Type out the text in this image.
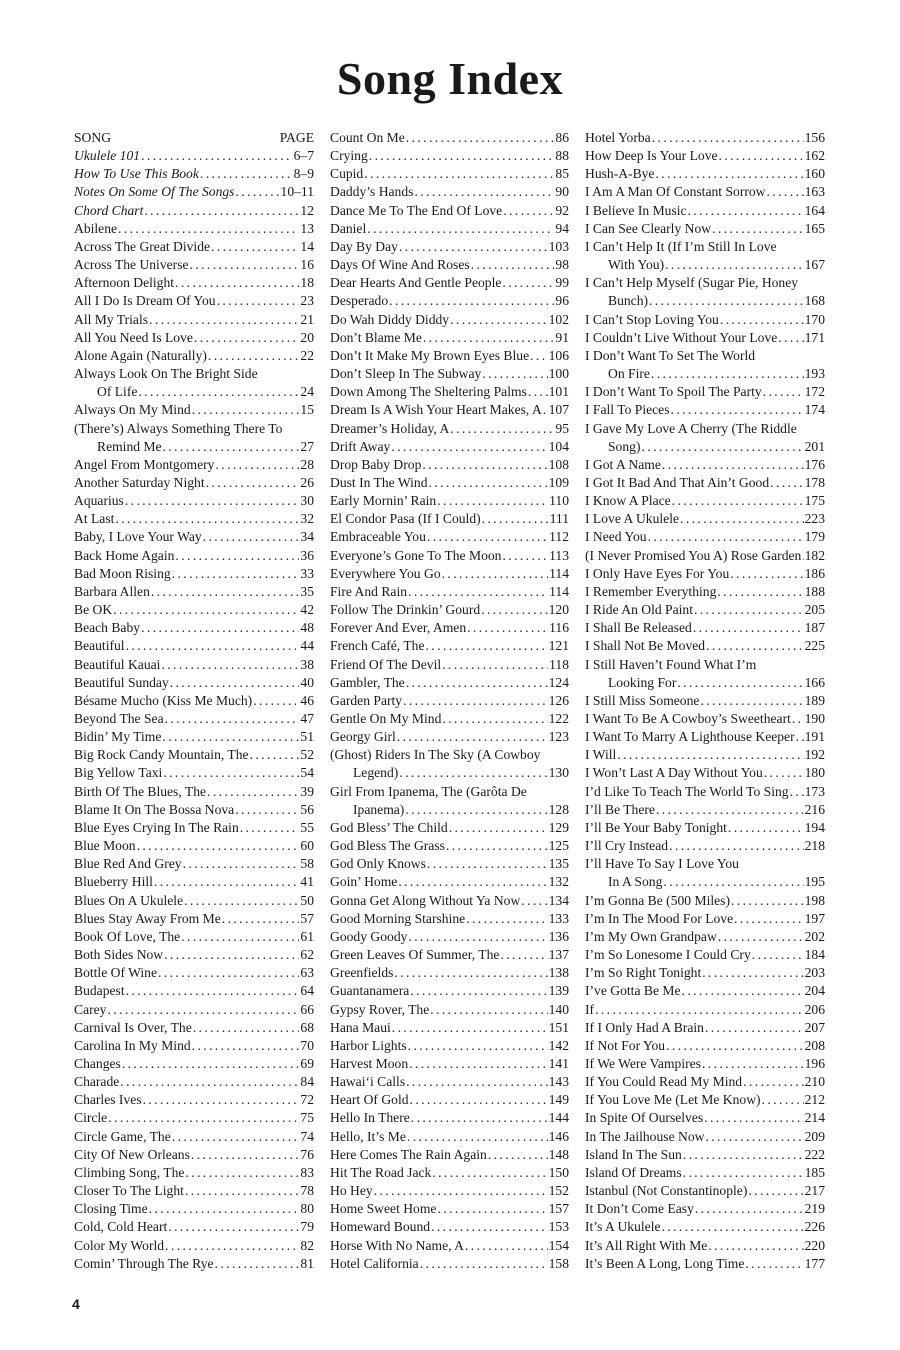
Song Index
SONG	PAGE
Ukulele 101 . . .	6–7
How To Use This Book . . .	8–9
Notes On Some Of The Songs . . .	10–11
Chord Chart . . .	12
Abilene . . .	13
Across The Great Divide . . .	14
Across The Universe . . .	16
Afternoon Delight . . .	18
All I Do Is Dream Of You . . .	23
All My Trials . . .	21
All You Need Is Love . . .	20
Alone Again (Naturally) . . .	22
Always Look On The Bright Side
Of Life . . .	24
Always On My Mind . . .	15
(There’s) Always Something There To
Remind Me . . .	27
Angel From Montgomery . . .	28
Another Saturday Night . . .	26
Aquarius . . .	30
At Last . . .	32
Baby, I Love Your Way . . .	34
Back Home Again . . .	36
Bad Moon Rising . . .	33
Barbara Allen . . .	35
Be OK . . .	42
Beach Baby . . .	48
Beautiful . . .	44
Beautiful Kauai . . .	38
Beautiful Sunday . . .	40
Bésame Mucho (Kiss Me Much) . . .	46
Beyond The Sea . . .	47
Bidin’ My Time . . .	51
Big Rock Candy Mountain, The . . .	52
Big Yellow Taxi . . .	54
Birth Of The Blues, The . . .	39
Blame It On The Bossa Nova . . .	56
Blue Eyes Crying In The Rain . . .	55
Blue Moon . . .	60
Blue Red And Grey . . .	58
Blueberry Hill . . .	41
Blues On A Ukulele . . .	50
Blues Stay Away From Me . . .	57
Book Of Love, The . . .	61
Both Sides Now . . .	62
Bottle Of Wine . . .	63
Budapest . . .	64
Carey . . .	66
Carnival Is Over, The . . .	68
Carolina In My Mind . . .	70
Changes . . .	69
Charade . . .	84
Charles Ives . . .	72
Circle . . .	75
Circle Game, The . . .	74
City Of New Orleans . . .	76
Climbing Song, The . . .	83
Closer To The Light . . .	78
Closing Time . . .	80
Cold, Cold Heart . . .	79
Color My World . . .	82
Comin’ Through The Rye . . .	81
Count On Me . . .	86
Crying . . .	88
Cupid . . .	85
Daddy’s Hands . . .	90
Dance Me To The End Of Love . . .	92
Daniel . . .	94
Day By Day . . .	103
Days Of Wine And Roses . . .	98
Dear Hearts And Gentle People . . .	99
Desperado . . .	96
Do Wah Diddy Diddy . . .	102
Don’t Blame Me . . .	91
Don’t It Make My Brown Eyes Blue . . . 106
Don’t Sleep In The Subway . . .	100
Down Among The Sheltering Palms . . . 101
Dream Is A Wish Your Heart Makes, A . . . 107
Dreamer’s Holiday, A . . .	95
Drift Away . . .	104
Drop Baby Drop . . .	108
Dust In The Wind . . .	109
Early Mornin’ Rain . . .	110
El Condor Pasa (If I Could) . . .	111
Embraceable You . . .	112
Everyone’s Gone To The Moon . . .	113
Everywhere You Go . . .	114
Fire And Rain . . .	114
Follow The Drinkin’ Gourd . . .	120
Forever And Ever, Amen . . .	116
French Café, The . . .	121
Friend Of The Devil . . .	118
Gambler, The . . .	124
Garden Party . . .	126
Gentle On My Mind . . .	122
Georgy Girl . . .	123
(Ghost) Riders In The Sky (A Cowboy
Legend) . . .	130
Girl From Ipanema, The (Garôta De
Ipanema) . . .	128
God Bless’ The Child . . .	129
God Bless The Grass . . .	125
God Only Knows . . .	135
Goin’ Home . . .	132
Gonna Get Along Without Ya Now . . . 134
Good Morning Starshine . . .	133
Goody Goody . . .	136
Green Leaves Of Summer, The . . .	137
Greenfields . . .	138
Guantanamera . . .	139
Gypsy Rover, The . . .	140
Hana Maui . . .	151
Harbor Lights . . .	142
Harvest Moon . . .	141
Hawai‘i Calls . . .	143
Heart Of Gold . . .	149
Hello In There . . .	144
Hello, It’s Me . . .	146
Here Comes The Rain Again . . .	148
Hit The Road Jack . . .	150
Ho Hey . . .	152
Home Sweet Home . . .	157
Homeward Bound . . .	153
Horse With No Name, A . . .	154
Hotel California . . .	158
Hotel Yorba . . .	156
How Deep Is Your Love . . .	162
Hush-A-Bye . . .	160
I Am A Man Of Constant Sorrow . . .	163
I Believe In Music . . .	164
I Can See Clearly Now . . .	165
I Can’t Help It (If I’m Still In Love
With You) . . .	167
I Can’t Help Myself (Sugar Pie, Honey
Bunch) . . .	168
I Can’t Stop Loving You . . .	170
I Couldn’t Live Without Your Love . . . 171
I Don’t Want To Set The World
On Fire . . .	193
I Don’t Want To Spoil The Party . . .	172
I Fall To Pieces . . .	174
I Gave My Love A Cherry (The Riddle
Song) . . .	201
I Got A Name . . .	176
I Got It Bad And That Ain’t Good . . .	178
I Know A Place . . .	175
I Love A Ukulele . . .	223
I Need You . . .	179
(I Never Promised You A) Rose Garden . . . 182
I Only Have Eyes For You . . .	186
I Remember Everything . . .	188
I Ride An Old Paint . . .	205
I Shall Be Released . . .	187
I Shall Not Be Moved . . .	225
I Still Haven’t Found What I’m
Looking For . . .	166
I Still Miss Someone . . .	189
I Want To Be A Cowboy’s Sweetheart . . . 190
I Want To Marry A Lighthouse Keeper . . . 191
I Will . . .	192
I Won’t Last A Day Without You . . .	180
I’d Like To Teach The World To Sing . . . 173
I’ll Be There . . .	216
I’ll Be Your Baby Tonight . . .	194
I’ll Cry Instead . . .	218
I’ll Have To Say I Love You
In A Song . . .	195
I’m Gonna Be (500 Miles) . . .	198
I’m In The Mood For Love . . .	197
I’m My Own Grandpaw . . .	202
I’m So Lonesome I Could Cry . . .	184
I’m So Right Tonight . . .	203
I’ve Gotta Be Me . . .	204
If . . .	206
If I Only Had A Brain . . .	207
If Not For You . . .	208
If We Were Vampires . . .	196
If You Could Read My Mind . . .	210
If You Love Me (Let Me Know) . . .	212
In Spite Of Ourselves . . .	214
In The Jailhouse Now . . .	209
Island In The Sun . . .	222
Island Of Dreams . . .	185
Istanbul (Not Constantinople) . . .	217
It Don’t Come Easy . . .	219
It’s A Ukulele . . .	226
It’s All Right With Me . . .	220
It’s Been A Long, Long Time . . .	177
4
